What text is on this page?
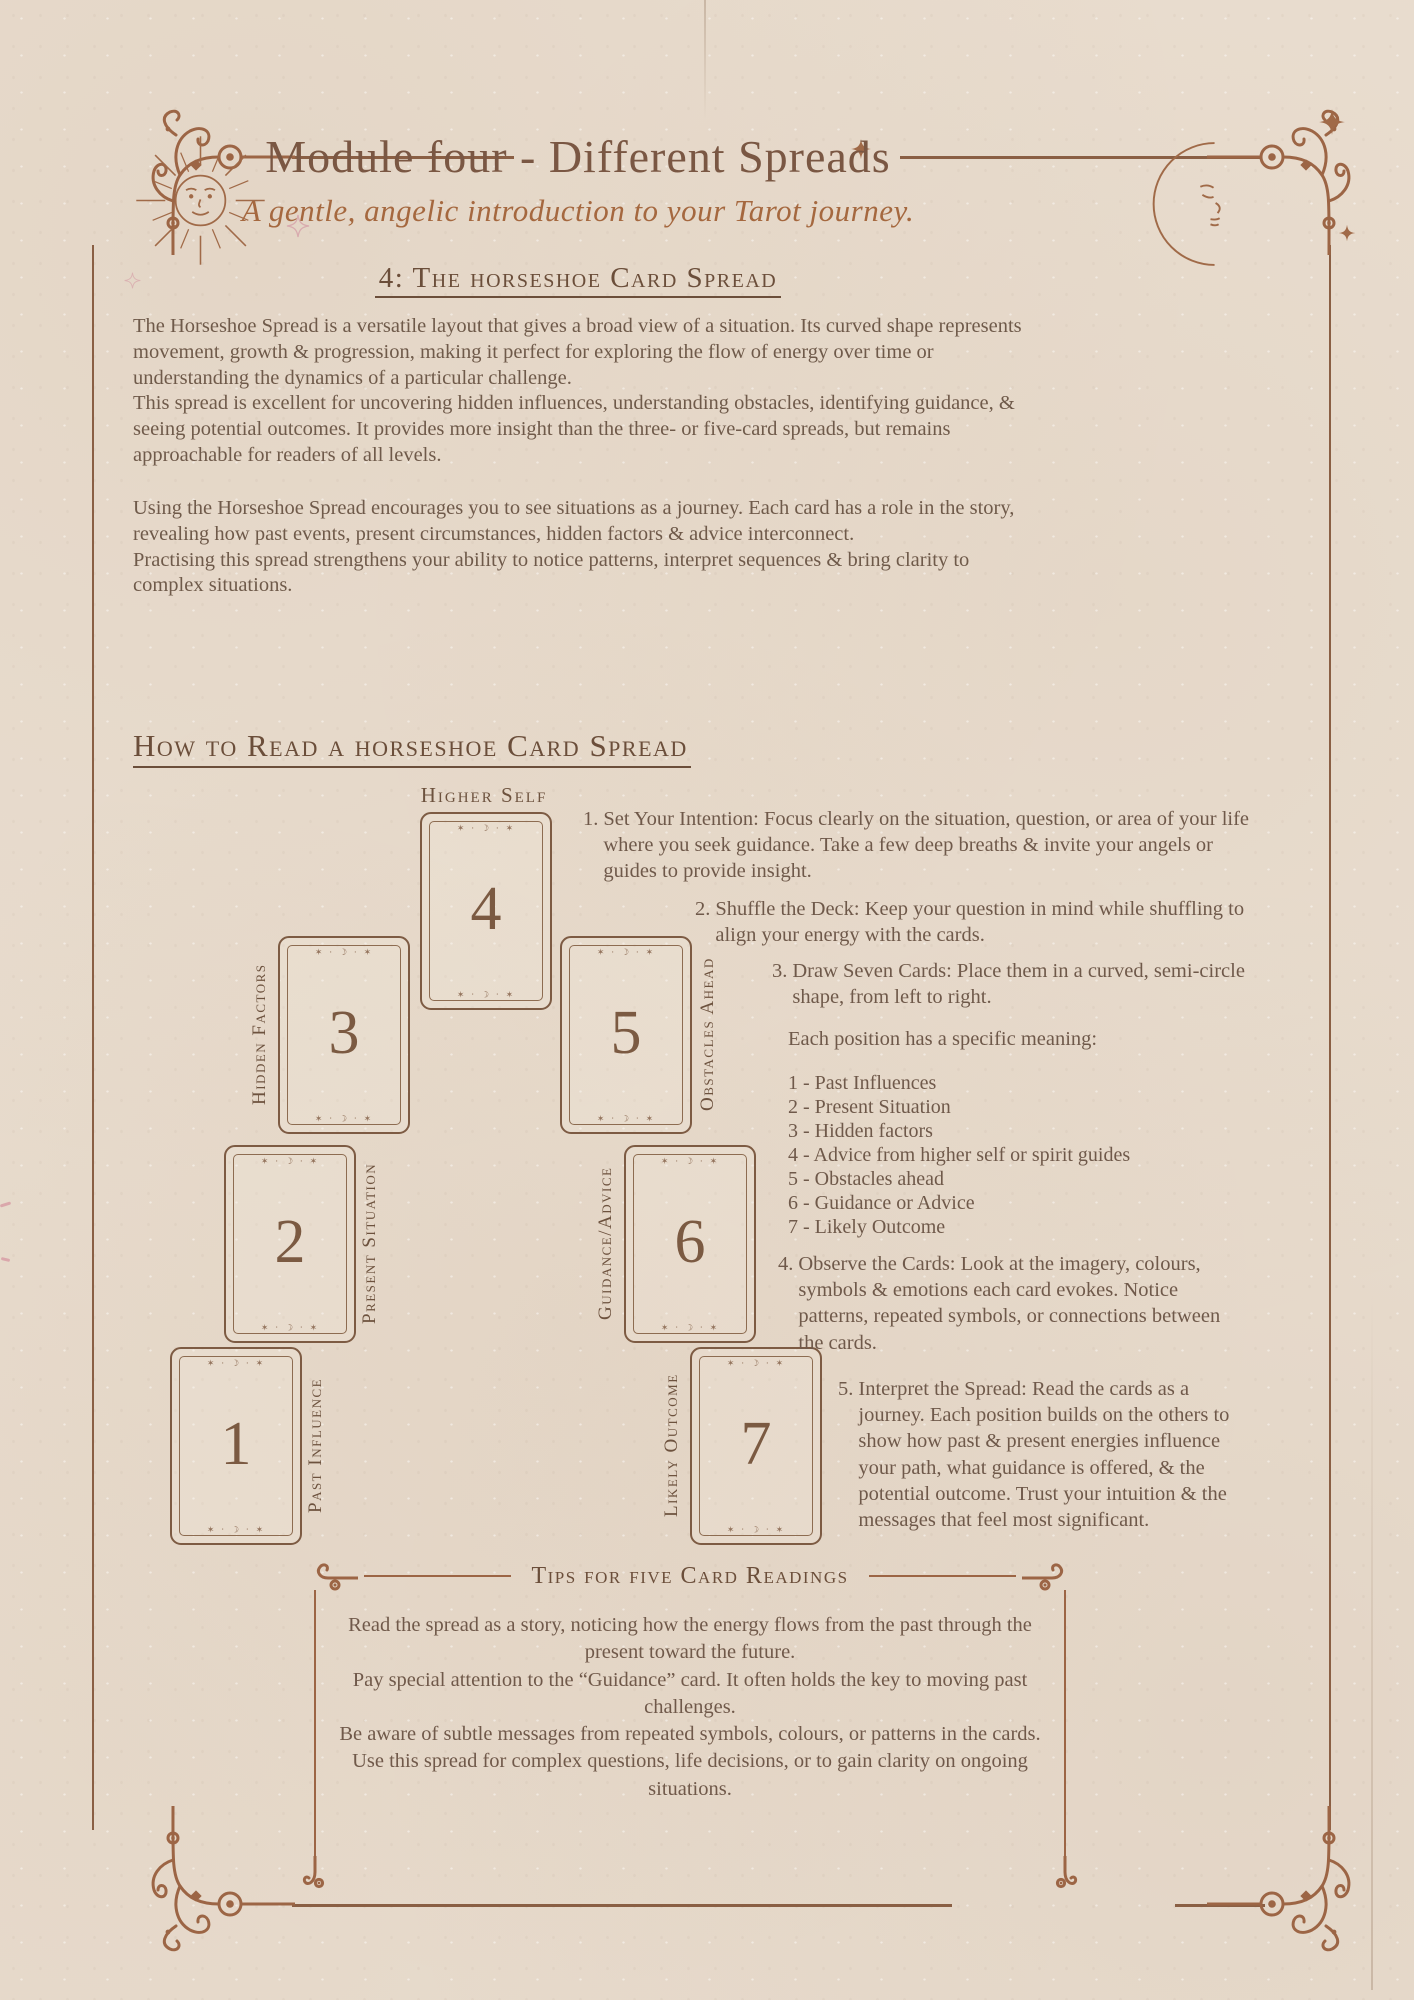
Module four - Different Spreads
A gentle, angelic introduction to your Tarot journey.
4: The horseshoe Card Spread

The Horseshoe Spread is a versatile layout that gives a broad view of a situation. Its curved shape represents movement, growth & progression, making it perfect for exploring the flow of energy over time or understanding the dynamics of a particular challenge.

This spread is excellent for uncovering hidden influences, understanding obstacles, identifying guidance, & seeing potential outcomes. It provides more insight than the three- or five-card spreads, but remains approachable for readers of all levels.

Using the Horseshoe Spread encourages you to see situations as a journey. Each card has a role in the story, revealing how past events, present circumstances, hidden factors & advice interconnect.

Practising this spread strengthens your ability to notice patterns, interpret sequences & bring clarity to complex situations.

How to Read a horseshoe Card Spread
Higher Self
✶ · ☽ · ✶
1
✶ · ☽ · ✶
✶ · ☽ · ✶
2
✶ · ☽ · ✶
✶ · ☽ · ✶
3
✶ · ☽ · ✶
✶ · ☽ · ✶
4
✶ · ☽ · ✶
✶ · ☽ · ✶
5
✶ · ☽ · ✶
✶ · ☽ · ✶
6
✶ · ☽ · ✶
✶ · ☽ · ✶
7
✶ · ☽ · ✶
Past Influence
Present Situation
Hidden Factors	Obstacles Ahead
Guidance/Advice
Likely Outcome
1. Set Your Intention: Focus clearly on the situation, question, or area of your life where you seek guidance. Take a few deep breaths & invite your angels or guides to provide insight.
2. Shuffle the Deck: Keep your question in mind while shuffling to align your energy with the cards.
3. Draw Seven Cards: Place them in a curved, semi-circle shape, from left to right.
Each position has a specific meaning:
1 - Past Influences
2 - Present Situation
3 - Hidden factors
4 - Advice from higher self or spirit guides
5 - Obstacles ahead
6 - Guidance or Advice
7 - Likely Outcome
4. Observe the Cards: Look at the imagery, colours, symbols & emotions each card evokes. Notice patterns, repeated symbols, or connections between the cards.
5. Interpret the Spread: Read the cards as a journey. Each position builds on the others to show how past & present energies influence your path, what guidance is offered, & the potential outcome. Trust your intuition & the messages that feel most significant.
Tips for five Card Readings

Read the spread as a story, noticing how the energy flows from the past through the present toward the future.

Pay special attention to the “Guidance” card. It often holds the key to moving past challenges.

Be aware of subtle messages from repeated symbols, colours, or patterns in the cards.

Use this spread for complex questions, life decisions, or to gain clarity on ongoing situations.
